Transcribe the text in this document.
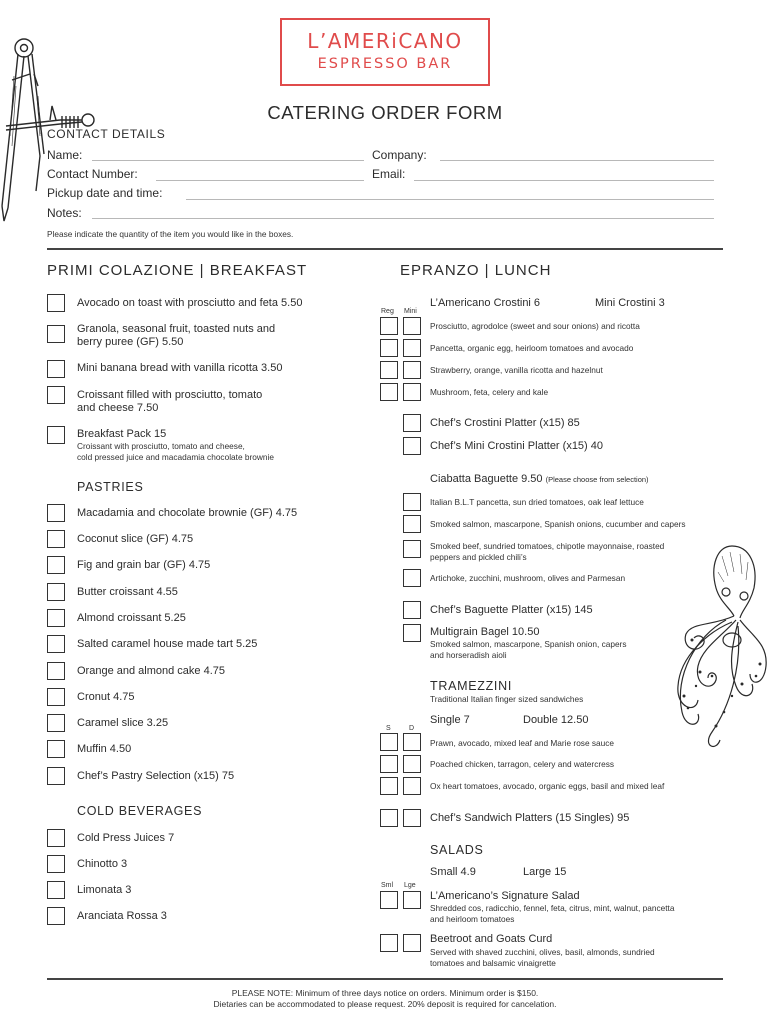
L’AMERiCANO
ESPRESSO BAR
CATERING ORDER FORM
CONTACT DETAILS
Name:	Company:
Contact Number:	Email:
Pickup date and time:
Notes:
Please indicate the quantity of the item you would like in the boxes.
PRIMI COLAZIONE | BREAKFAST
Avocado on toast with prosciutto and feta 5.50
Granola, seasonal fruit, toasted nuts and
berry puree (GF) 5.50
Mini banana bread with vanilla ricotta 3.50
Croissant filled with prosciutto, tomato
and cheese 7.50
Breakfast Pack 15
Croissant with prosciutto, tomato and cheese,
cold pressed juice and macadamia chocolate brownie
PASTRIES
Macadamia and chocolate brownie (GF) 4.75
Coconut slice (GF) 4.75
Fig and grain bar (GF) 4.75
Butter croissant 4.55
Almond croissant 5.25
Salted caramel house made tart 5.25
Orange and almond cake 4.75
Cronut 4.75
Caramel slice 3.25
Muffin 4.50
Chef’s Pastry Selection (x15) 75
COLD BEVERAGES
Cold Press Juices 7
Chinotto 3
Limonata 3
Aranciata Rossa 3
EPRANZO | LUNCH
L’Americano Crostini 6	Mini Crostini 3
Reg Mini
Prosciutto, agrodolce (sweet and sour onions) and ricotta
Pancetta, organic egg, heirloom tomatoes and avocado
Strawberry, orange, vanilla ricotta and hazelnut
Mushroom, feta, celery and kale
Chef’s Crostini Platter (x15) 85
Chef’s Mini Crostini Platter (x15) 40
Ciabatta Baguette 9.50 (Please choose from selection)
Italian B.L.T pancetta, sun dried tomatoes, oak leaf lettuce
Smoked salmon, mascarpone, Spanish onions, cucumber and capers
Smoked beef, sundried tomatoes, chipotle mayonnaise, roasted
peppers and pickled chili’s
Artichoke, zucchini, mushroom, olives and Parmesan
Chef’s Baguette Platter (x15) 145
Multigrain Bagel 10.50
Smoked salmon, mascarpone, Spanish onion, capers
and horseradish aioli
TRAMEZZINI
Traditional Italian finger sized sandwiches
Single 7	Double 12.50
S	D
Prawn, avocado, mixed leaf and Marie rose sauce
Poached chicken, tarragon, celery and watercress
Ox heart tomatoes, avocado, organic eggs, basil and mixed leaf
Chef’s Sandwich Platters (15 Singles) 95
SALADS
Small 4.9	Large 15
Sml Lge
L’Americano’s Signature Salad
Shredded cos, radicchio, fennel, feta, citrus, mint, walnut, pancetta
and heirloom tomatoes
Beetroot and Goats Curd
Served with shaved zucchini, olives, basil, almonds, sundried
tomatoes and balsamic vinaigrette
PLEASE NOTE: Minimum of three days notice on orders. Minimum order is $150.
Dietaries can be accommodated to please request. 20% deposit is required for cancelation.
